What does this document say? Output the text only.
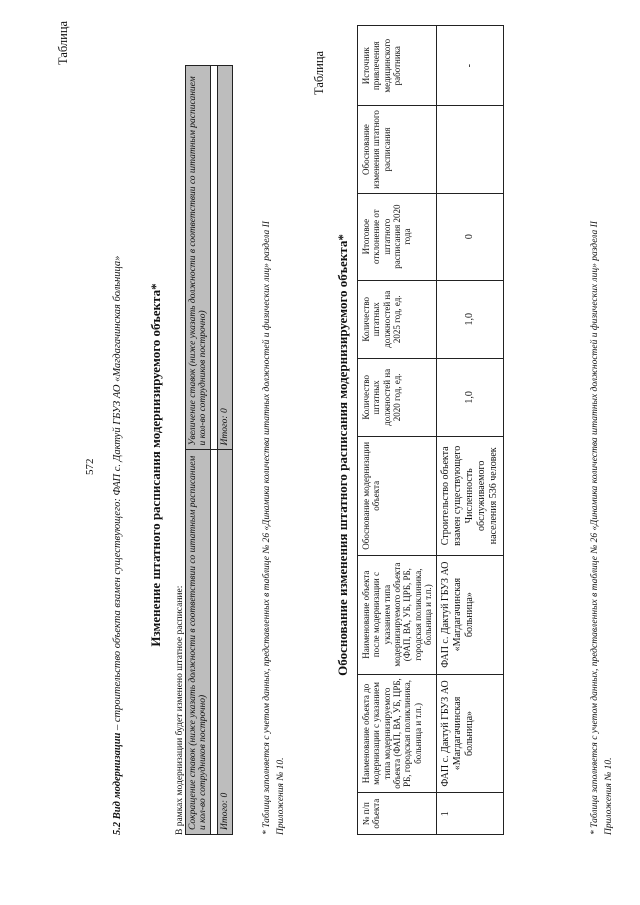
572
5.2 Вид модернизации – строительство объекта взамен существующего: ФАП с. Дактуй ГБУЗ АО «Магдагачинская больница»
Таблица
Изменение штатного расписания модернизируемого объекта*
В рамках модернизации будет изменено штатное расписание: Сокращение ставок (ниже указать должности в соответствии со штатным расписанием и кол-во сотрудников построчно)	Увеличение ставок (ниже указать должности в соответствии со штатным расписанием и кол-во сотрудников построчно)

Итого: 0	Итого: 0	* Таблица заполняется с учетом данных, представленных в таблице № 26 «Динамика количества штатных должностей и физических лиц» раздела II Приложения № 10.
Таблица
Обоснование изменения штатного расписания модернизируемого объекта*
№ п/п объекта	Наименование объекта до модернизации с указанием типа модернизируемого объекта (ФАП, ВА, УБ, ЦРБ, РБ, городская поликлиника, больница и т.п.)	Наименование объекта после модернизации с указанием типа модернизируемого объекта (ФАП, ВА, УБ, ЦРБ, РБ, городская поликлиника, больница и т.п.)	Обоснование модернизации объекта	Количество штатных должностей на 2020 год, ед.	Количество штатных должностей на 2025 год, ед.	Итоговое отклонение от штатного расписания 2020 года	Обоснование изменения штатного расписания	Источник привлечения медицинского работника
1	ФАП с. Дактуй ГБУЗ АО «Магдагачинская больница»	ФАП с. Дактуй ГБУЗ АО «Магдагачинская больница»	Строительство объекта взамен существующего Численность обслуживаемого населения 536 человек	1,0	1,0	0		-
* Таблица заполняется с учетом данных, представленных в таблице № 26 «Динамика количества штатных должностей и физических лиц» раздела II Приложения № 10.
